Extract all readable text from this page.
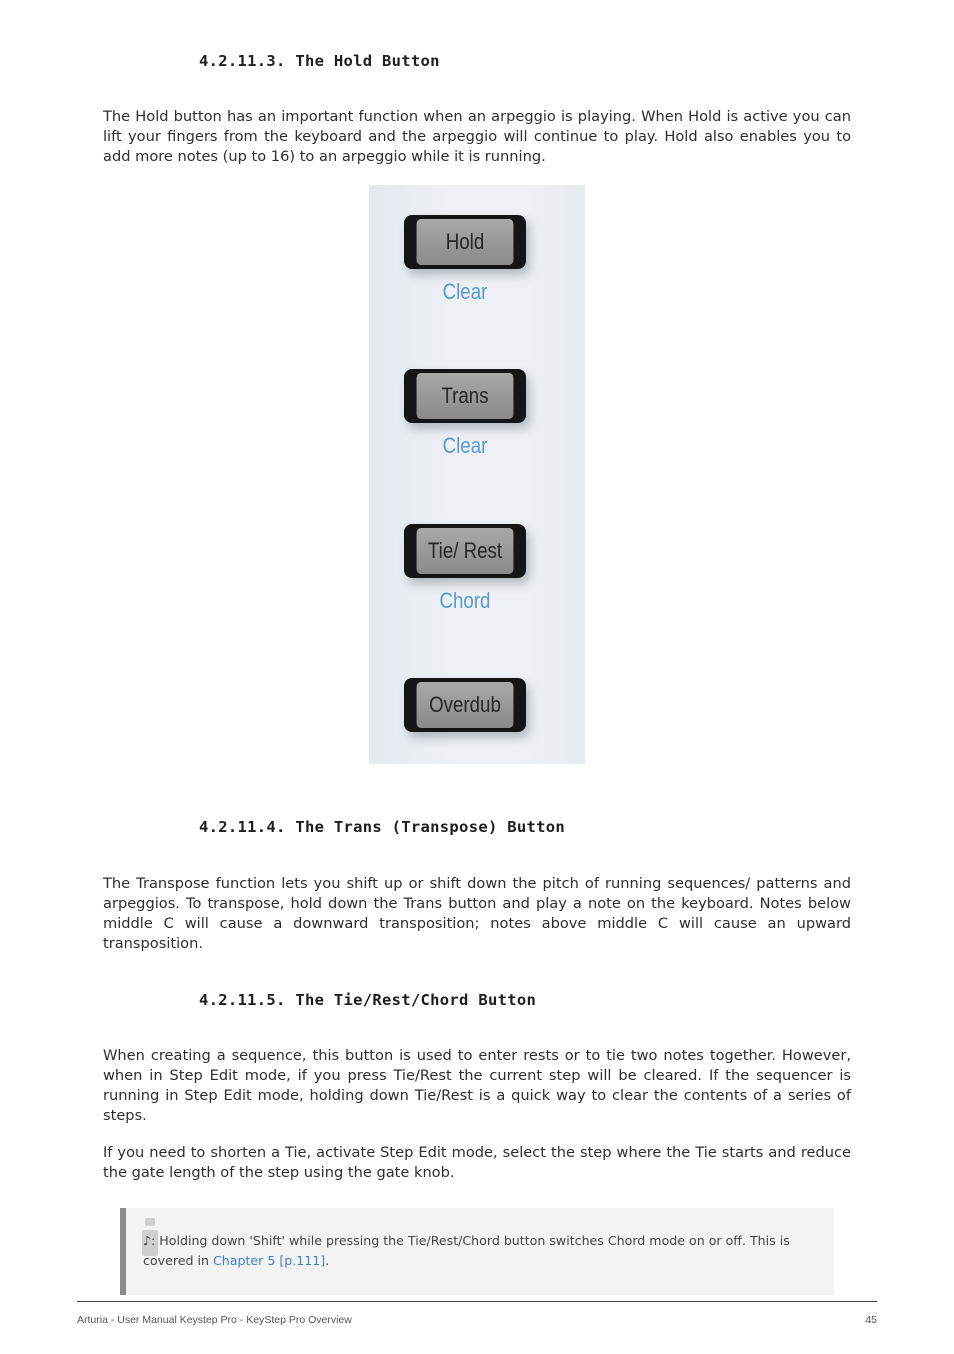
4.2.11.3. The Hold Button

The Hold button has an important function when an arpeggio is playing. When Hold is active you can lift your fingers from the keyboard and the arpeggio will continue to play. Hold also enables you to add more notes (up to 16) to an arpeggio while it is running.

Hold
Clear
Trans
Clear
Tie/ Rest
Chord
Overdub
4.2.11.4. The Trans (Transpose) Button

The Transpose function lets you shift up or shift down the pitch of running sequences/ patterns and arpeggios. To transpose, hold down the Trans button and play a note on the keyboard. Notes below middle C will cause a downward transposition; notes above middle C will cause an upward transposition.

4.2.11.5. The Tie/Rest/Chord Button

When creating a sequence, this button is used to enter rests or to tie two notes together. However, when in Step Edit mode, if you press Tie/Rest the current step will be cleared. If the sequencer is running in Step Edit mode, holding down Tie/Rest is a quick way to clear the contents of a series of steps.

If you need to shorten a Tie, activate Step Edit mode, select the step where the Tie starts and reduce the gate length of the step using the gate knob.

♪: Holding down 'Shift' while pressing the Tie/Rest/Chord button switches Chord mode on or off. This is covered in Chapter 5 [p.111].

Arturia - User Manual Keystep Pro - KeyStep Pro Overview	45
